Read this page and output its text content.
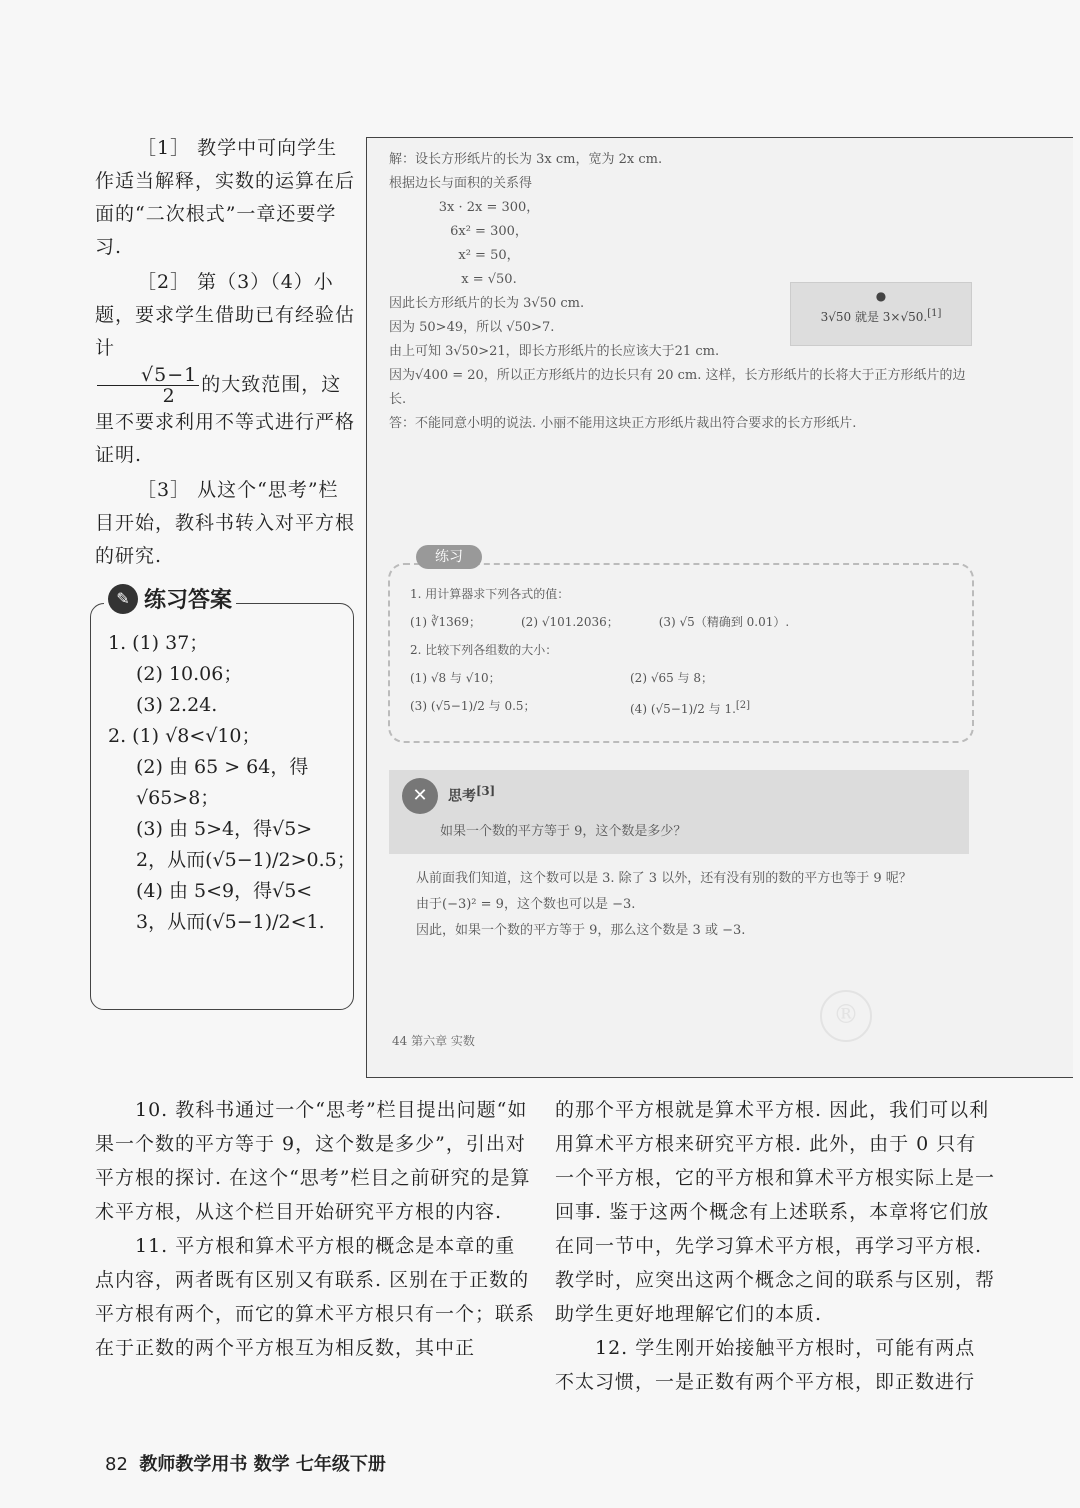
［1］ 教学中可向学生作适当解释，实数的运算在后面的“二次根式”一章还要学习.

［2］ 第（3）（4）小题，要求学生借助已有经验估计

$\frac{√5-1}{2}$ 的大致范围，这里不要求利用不等式进行严格证明.

［3］ 从这个“思考”栏目开始，教科书转入对平方根的研究.

✎ 练习答案
1. (1) 37；
(2) 10.06；
(3) 2.24.
2. (1) √8<√10；
(2) 由 65 > 64，得
√65>8；
(3) 由 5>4，得√5>
2，从而(√5−1)/2>0.5；
(4) 由 5<9，得√5<
3，从而(√5−1)/2<1.

解：设长方形纸片的长为 3x cm，宽为 2x cm.

根据边长与面积的关系得

3x · 2x = 300，

6x² = 300，

x² = 50，

x = √50.

因此长方形纸片的长为 3√50 cm.

因为 50>49，所以 √50>7.

由上可知 3√50>21，即长方形纸片的长应该大于21 cm.

因为√400 = 20，所以正方形纸片的边长只有 20 cm. 这样，长方形纸片的长将大于正方形纸片的边长.

答：不能同意小明的说法. 小丽不能用这块正方形纸片裁出符合要求的长方形纸片.

●
3√50 就是 3×√50.[1]
练习
1. 用计算器求下列各式的值：
(1) ∛1369；	(2) √101.2036；	(3) √5（精确到 0.01）.
2. 比较下列各组数的大小：
(1) √8 与 √10；	(2) √65 与 8；
(3) (√5−1)/2 与 0.5；	(4) (√5−1)/2 与 1.[2]
✕	思考[3]
如果一个数的平方等于 9，这个数是多少？

从前面我们知道，这个数可以是 3. 除了 3 以外，还有没有别的数的平方也等于 9 呢？

由于(−3)² = 9，这个数也可以是 −3.

因此，如果一个数的平方等于 9，那么这个数是 3 或 −3.

44 第六章 实数
®

10. 教科书通过一个“思考”栏目提出问题“如果一个数的平方等于 9，这个数是多少”，引出对平方根的探讨. 在这个“思考”栏目之前研究的是算术平方根，从这个栏目开始研究平方根的内容.

11. 平方根和算术平方根的概念是本章的重点内容，两者既有区别又有联系. 区别在于正数的平方根有两个，而它的算术平方根只有一个；联系在于正数的两个平方根互为相反数，其中正

的那个平方根就是算术平方根. 因此，我们可以利用算术平方根来研究平方根. 此外，由于 0 只有一个平方根，它的平方根和算术平方根实际上是一回事. 鉴于这两个概念有上述联系，本章将它们放在同一节中，先学习算术平方根，再学习平方根. 教学时，应突出这两个概念之间的联系与区别，帮助学生更好地理解它们的本质.

12. 学生刚开始接触平方根时，可能有两点不太习惯，一是正数有两个平方根，即正数进行

82 教师教学用书 数学 七年级下册
